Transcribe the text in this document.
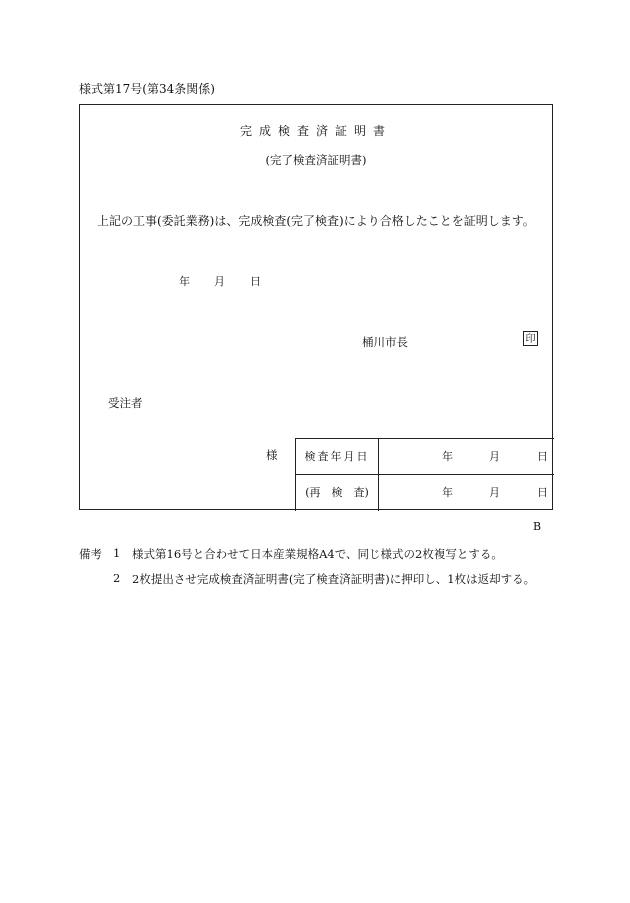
様式第17号(第34条関係)
完成検査済証明書
(完了検査済証明書)
上記の工事(委託業務)は、完成検査(完了検査)により合格したことを証明します。
年 月 日
桶川市長	印
受注者
様	検査年月日	年	月	日
(再　検　査)	年	月	日
B
備考 1 様式第16号と合わせて日本産業規格A4で、同じ様式の2枚複写とする。
2 2枚提出させ完成検査済証明書(完了検査済証明書)に押印し、1枚は返却する。
